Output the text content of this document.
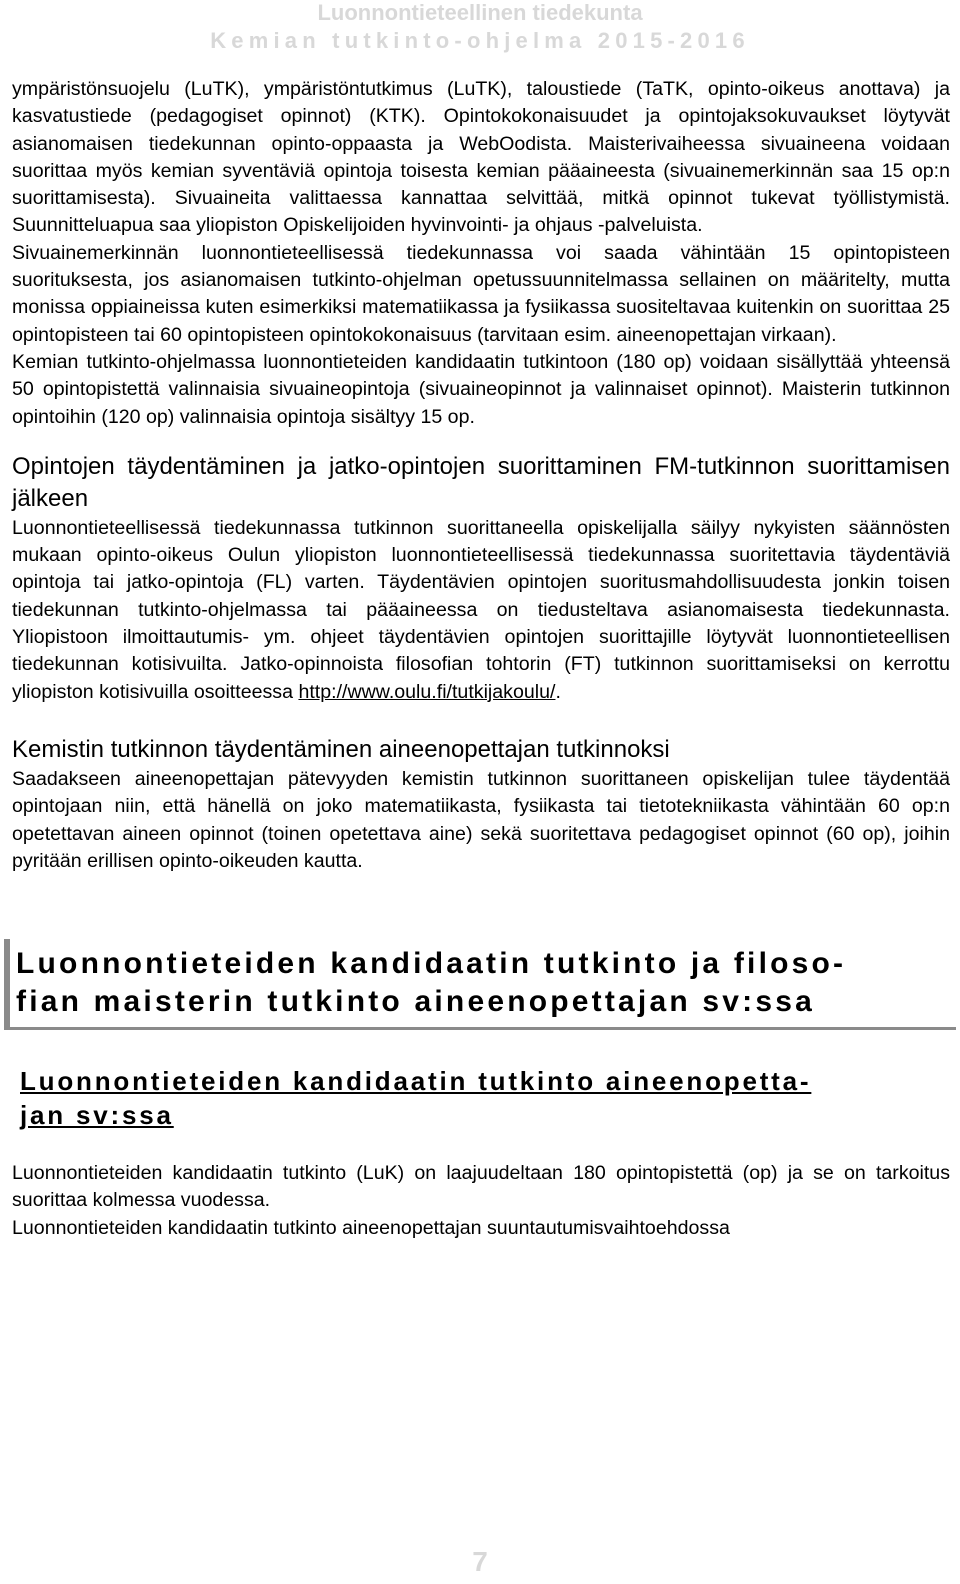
Luonnontieteellinen tiedekunta
Kemian tutkinto-ohjelma 2015-2016

ympäristönsuojelu (LuTK), ympäristöntutkimus (LuTK), taloustiede (TaTK, opinto-oikeus anottava) ja kasvatustiede (pedagogiset opinnot) (KTK). Opintokokonaisuudet ja opintojaksokuvaukset löytyvät asianomaisen tiedekunnan opinto-oppaasta ja WebOodista. Maisterivaiheessa sivuaineena voidaan suorittaa myös kemian syventäviä opintoja toisesta kemian pääaineesta (sivuainemerkinnän saa 15 op:n suorittamisesta). Sivuaineita valittaessa kannattaa selvittää, mitkä opinnot tukevat työllistymistä. Suunnitteluapua saa yliopiston Opiskelijoiden hyvinvointi- ja ohjaus -palveluista.

Sivuainemerkinnän luonnontieteellisessä tiedekunnassa voi saada vähintään 15 opintopisteen suorituksesta, jos asianomaisen tutkinto-ohjelman opetussuunnitelmassa sellainen on määritelty, mutta monissa oppiaineissa kuten esimerkiksi matematiikassa ja fysiikassa suositeltavaa kuitenkin on suorittaa 25 opintopisteen tai 60 opintopisteen opintokokonaisuus (tarvitaan esim. aineenopettajan virkaan).

Kemian tutkinto-ohjelmassa luonnontieteiden kandidaatin tutkintoon (180 op) voidaan sisällyttää yhteensä 50 opintopistettä valinnaisia sivuaineopintoja (sivuaineopinnot ja valinnaiset opinnot). Maisterin tutkinnon opintoihin (120 op) valinnaisia opintoja sisältyy 15 op.

Opintojen täydentäminen ja jatko-opintojen suorittaminen FM-tutkinnon suorittamisen jälkeen

Luonnontieteellisessä tiedekunnassa tutkinnon suorittaneella opiskelijalla säilyy nykyisten säännösten mukaan opinto-oikeus Oulun yliopiston luonnontieteellisessä tiedekunnassa suoritettavia täydentäviä opintoja tai jatko-opintoja (FL) varten. Täydentävien opintojen suoritusmahdollisuudesta jonkin toisen tiedekunnan tutkinto-ohjelmassa tai pääaineessa on tiedusteltava asianomaisesta tiedekunnasta. Yliopistoon ilmoittautumis- ym. ohjeet täydentävien opintojen suorittajille löytyvät luonnontieteellisen tiedekunnan kotisivuilta. Jatko-opinnoista filosofian tohtorin (FT) tutkinnon suorittamiseksi on kerrottu yliopiston kotisivuilla osoitteessa http://www.oulu.fi/tutkijakoulu/.

Kemistin tutkinnon täydentäminen aineenopettajan tutkinnoksi

Saadakseen aineenopettajan pätevyyden kemistin tutkinnon suorittaneen opiskelijan tulee täydentää opintojaan niin, että hänellä on joko matematiikasta, fysiikasta tai tietotekniikasta vähintään 60 op:n opetettavan aineen opinnot (toinen opetettava aine) sekä suoritettava pedagogiset opinnot (60 op), joihin pyritään erillisen opinto-oikeuden kautta.

Luonnontieteiden kandidaatin tutkinto ja filoso-
fian maisterin tutkinto aineenopettajan sv:ssa
Luonnontieteiden kandidaatin tutkinto aineenopetta-
jan sv:ssa

Luonnontieteiden kandidaatin tutkinto (LuK) on laajuudeltaan 180 opintopistettä (op) ja se on tarkoitus suorittaa kolmessa vuodessa.

Luonnontieteiden kandidaatin tutkinto aineenopettajan suuntautumisvaihtoehdossa

7
